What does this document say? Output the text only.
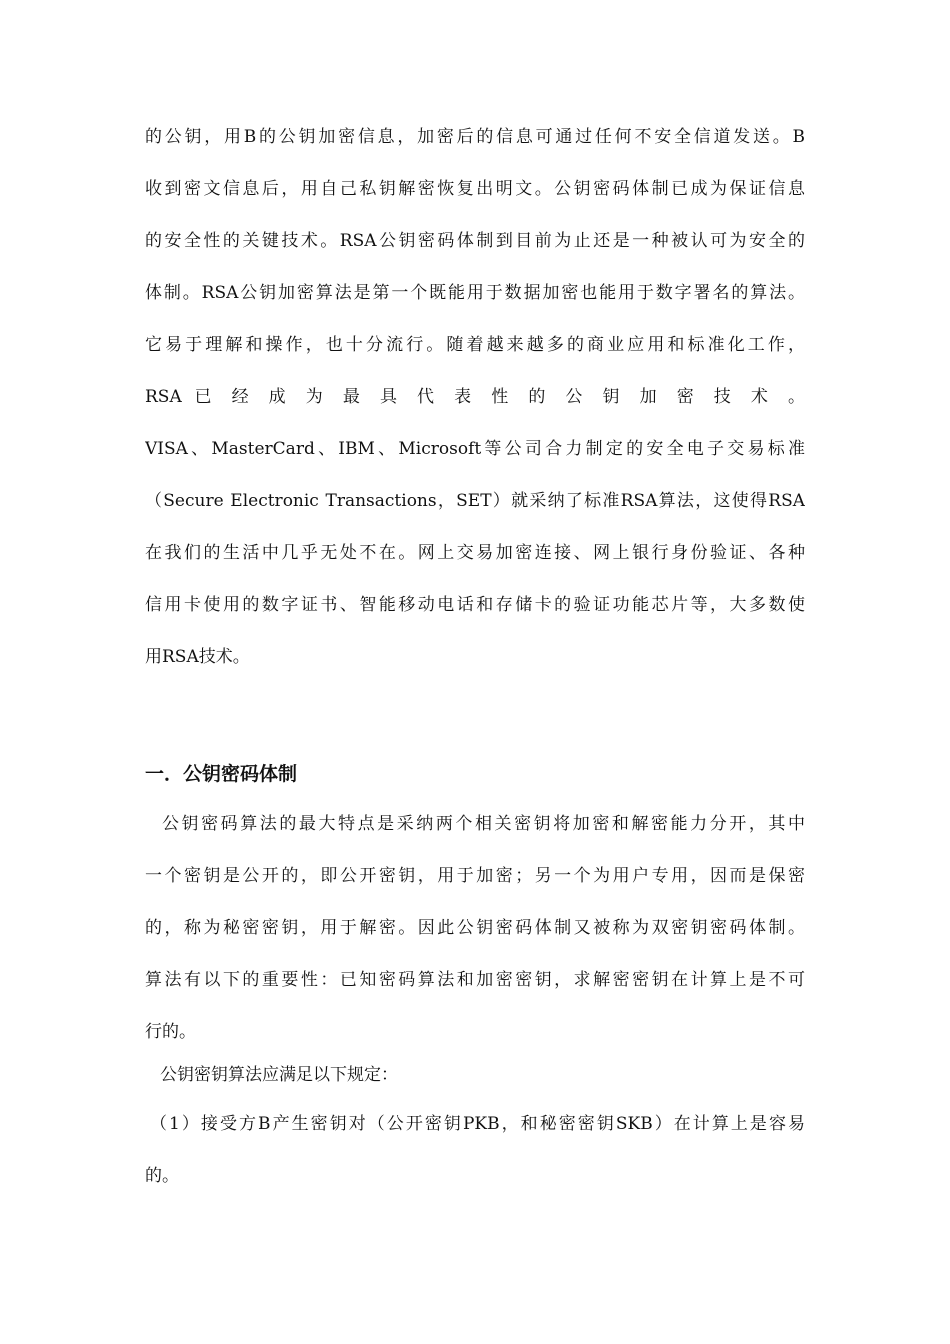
的公钥，用B的公钥加密信息，加密后的信息可通过任何不安全信道发送。B
收到密文信息后，用自己私钥解密恢复出明文。公钥密码体制已成为保证信息
的安全性的关键技术。RSA公钥密码体制到目前为止还是一种被认可为安全的
体制。RSA公钥加密算法是第一个既能用于数据加密也能用于数字署名的算法。
它易于理解和操作，也十分流行。随着越来越多的商业应用和标准化工作，
RSA 已 经 成 为 最 具 代 表 性 的 公 钥 加 密 技 术 。
VISA、MasterCard、IBM、Microsoft等公司合力制定的安全电子交易标准
（Secure Electronic Transactions，SET）就采纳了标准RSA算法，这使得RSA
在我们的生活中几乎无处不在。网上交易加密连接、网上银行身份验证、各种
信用卡使用的数字证书、智能移动电话和存储卡的验证功能芯片等，大多数使
用RSA技术。
一．公钥密码体制
公钥密码算法的最大特点是采纳两个相关密钥将加密和解密能力分开，其中
一个密钥是公开的，即公开密钥，用于加密；另一个为用户专用，因而是保密
的，称为秘密密钥，用于解密。因此公钥密码体制又被称为双密钥密码体制。
算法有以下的重要性：已知密码算法和加密密钥，求解密密钥在计算上是不可
行的。
公钥密钥算法应满足以下规定：
（1）接受方B产生密钥对（公开密钥PKB，和秘密密钥SKB）在计算上是容易
的。
